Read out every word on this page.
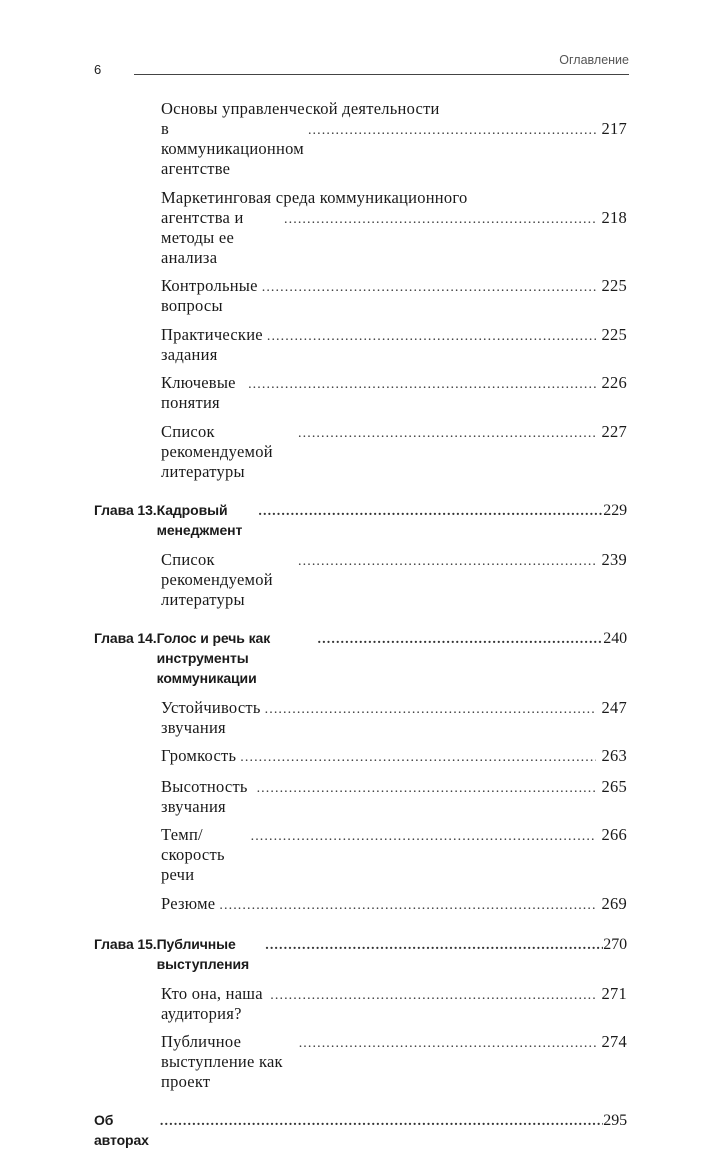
6
Оглавление
Основы управленческой деятельности
в коммуникационном агентстве
. . .
217
Маркетинговая среда коммуникационного
агентства и методы ее анализа
. . .
218
Контрольные вопросы
. . .
225
Практические задания
. . .
225
Ключевые понятия
. . .
226
Список рекомендуемой литературы
. . .
227
Глава 13. Кадровый менеджмент
. . .
229
Список рекомендуемой литературы
. . .
239
Глава 14. Голос и речь как инструменты коммуникации
. . .
240
Устойчивость звучания
. . .
247
Громкость . . .	263
Высотность звучания
. . .
265
Темп/скорость речи
. . .
266
Резюме . . .	269
Глава 15. Публичные выступления
. . .
270
Кто она, наша аудитория?
. . .
271
Публичное выступление как проект
. . .
274
Об авторах
. . .
295
